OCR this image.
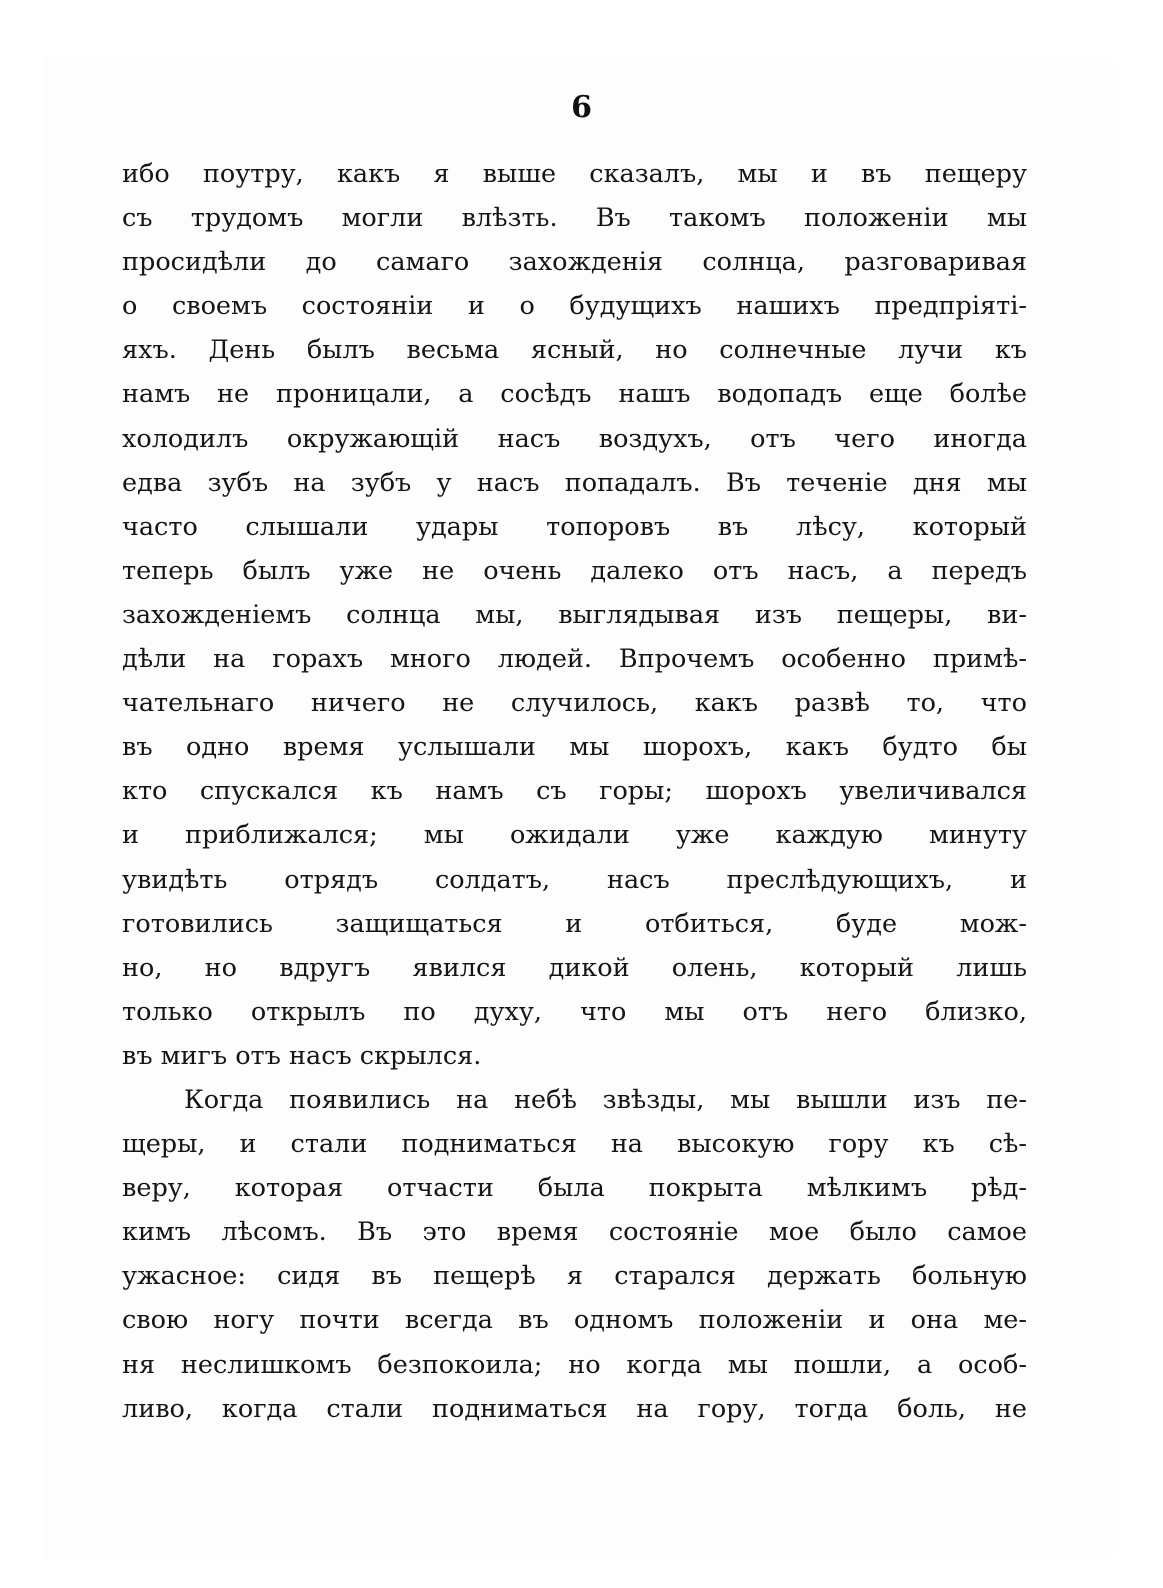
6
ибо поутру, какъ я выше сказалъ, мы и въ пещеру
съ трудомъ могли влѣзть. Въ такомъ положеніи мы
просидѣли до самаго захожденія солнца, разговаривая
о своемъ состояніи и о будущихъ нашихъ предпріяті-
яхъ. День былъ весьма ясный, но солнечные лучи къ
намъ не проницали, а сосѣдъ нашъ водопадъ еще болѣе
холодилъ окружающій насъ воздухъ, отъ чего иногда
едва зубъ на зубъ у насъ попадалъ. Въ теченіе дня мы
часто слышали удары топоровъ въ лѣсу, который
теперь былъ уже не очень далеко отъ насъ, а передъ
захожденіемъ солнца мы, выглядывая изъ пещеры, ви-
дѣли на горахъ много людей. Впрочемъ особенно примѣ-
чательнаго ничего не случилось, какъ развѣ то, что
въ одно время услышали мы шорохъ, какъ будто бы
кто спускался къ намъ съ горы; шорохъ увеличивался
и приближался; мы ожидали уже каждую минуту
увидѣть отрядъ солдатъ, насъ преслѣдующихъ, и
готовились защищаться и отбиться, буде мож-
но, но вдругъ явился дикой олень, который лишь
только открылъ по духу, что мы отъ него близко,
въ мигъ отъ насъ скрылся.
Когда появились на небѣ звѣзды, мы вышли изъ пе-
щеры, и стали подниматься на высокую гору къ сѣ-
веру, которая отчасти была покрыта мѣлкимъ рѣд-
кимъ лѣсомъ. Въ это время состояніе мое было самое
ужасное: сидя въ пещерѣ я старался держать больную
свою ногу почти всегда въ одномъ положеніи и она ме-
ня неслишкомъ безпокоила; но когда мы пошли, а особ-
ливо, когда стали подниматься на гору, тогда боль, не
